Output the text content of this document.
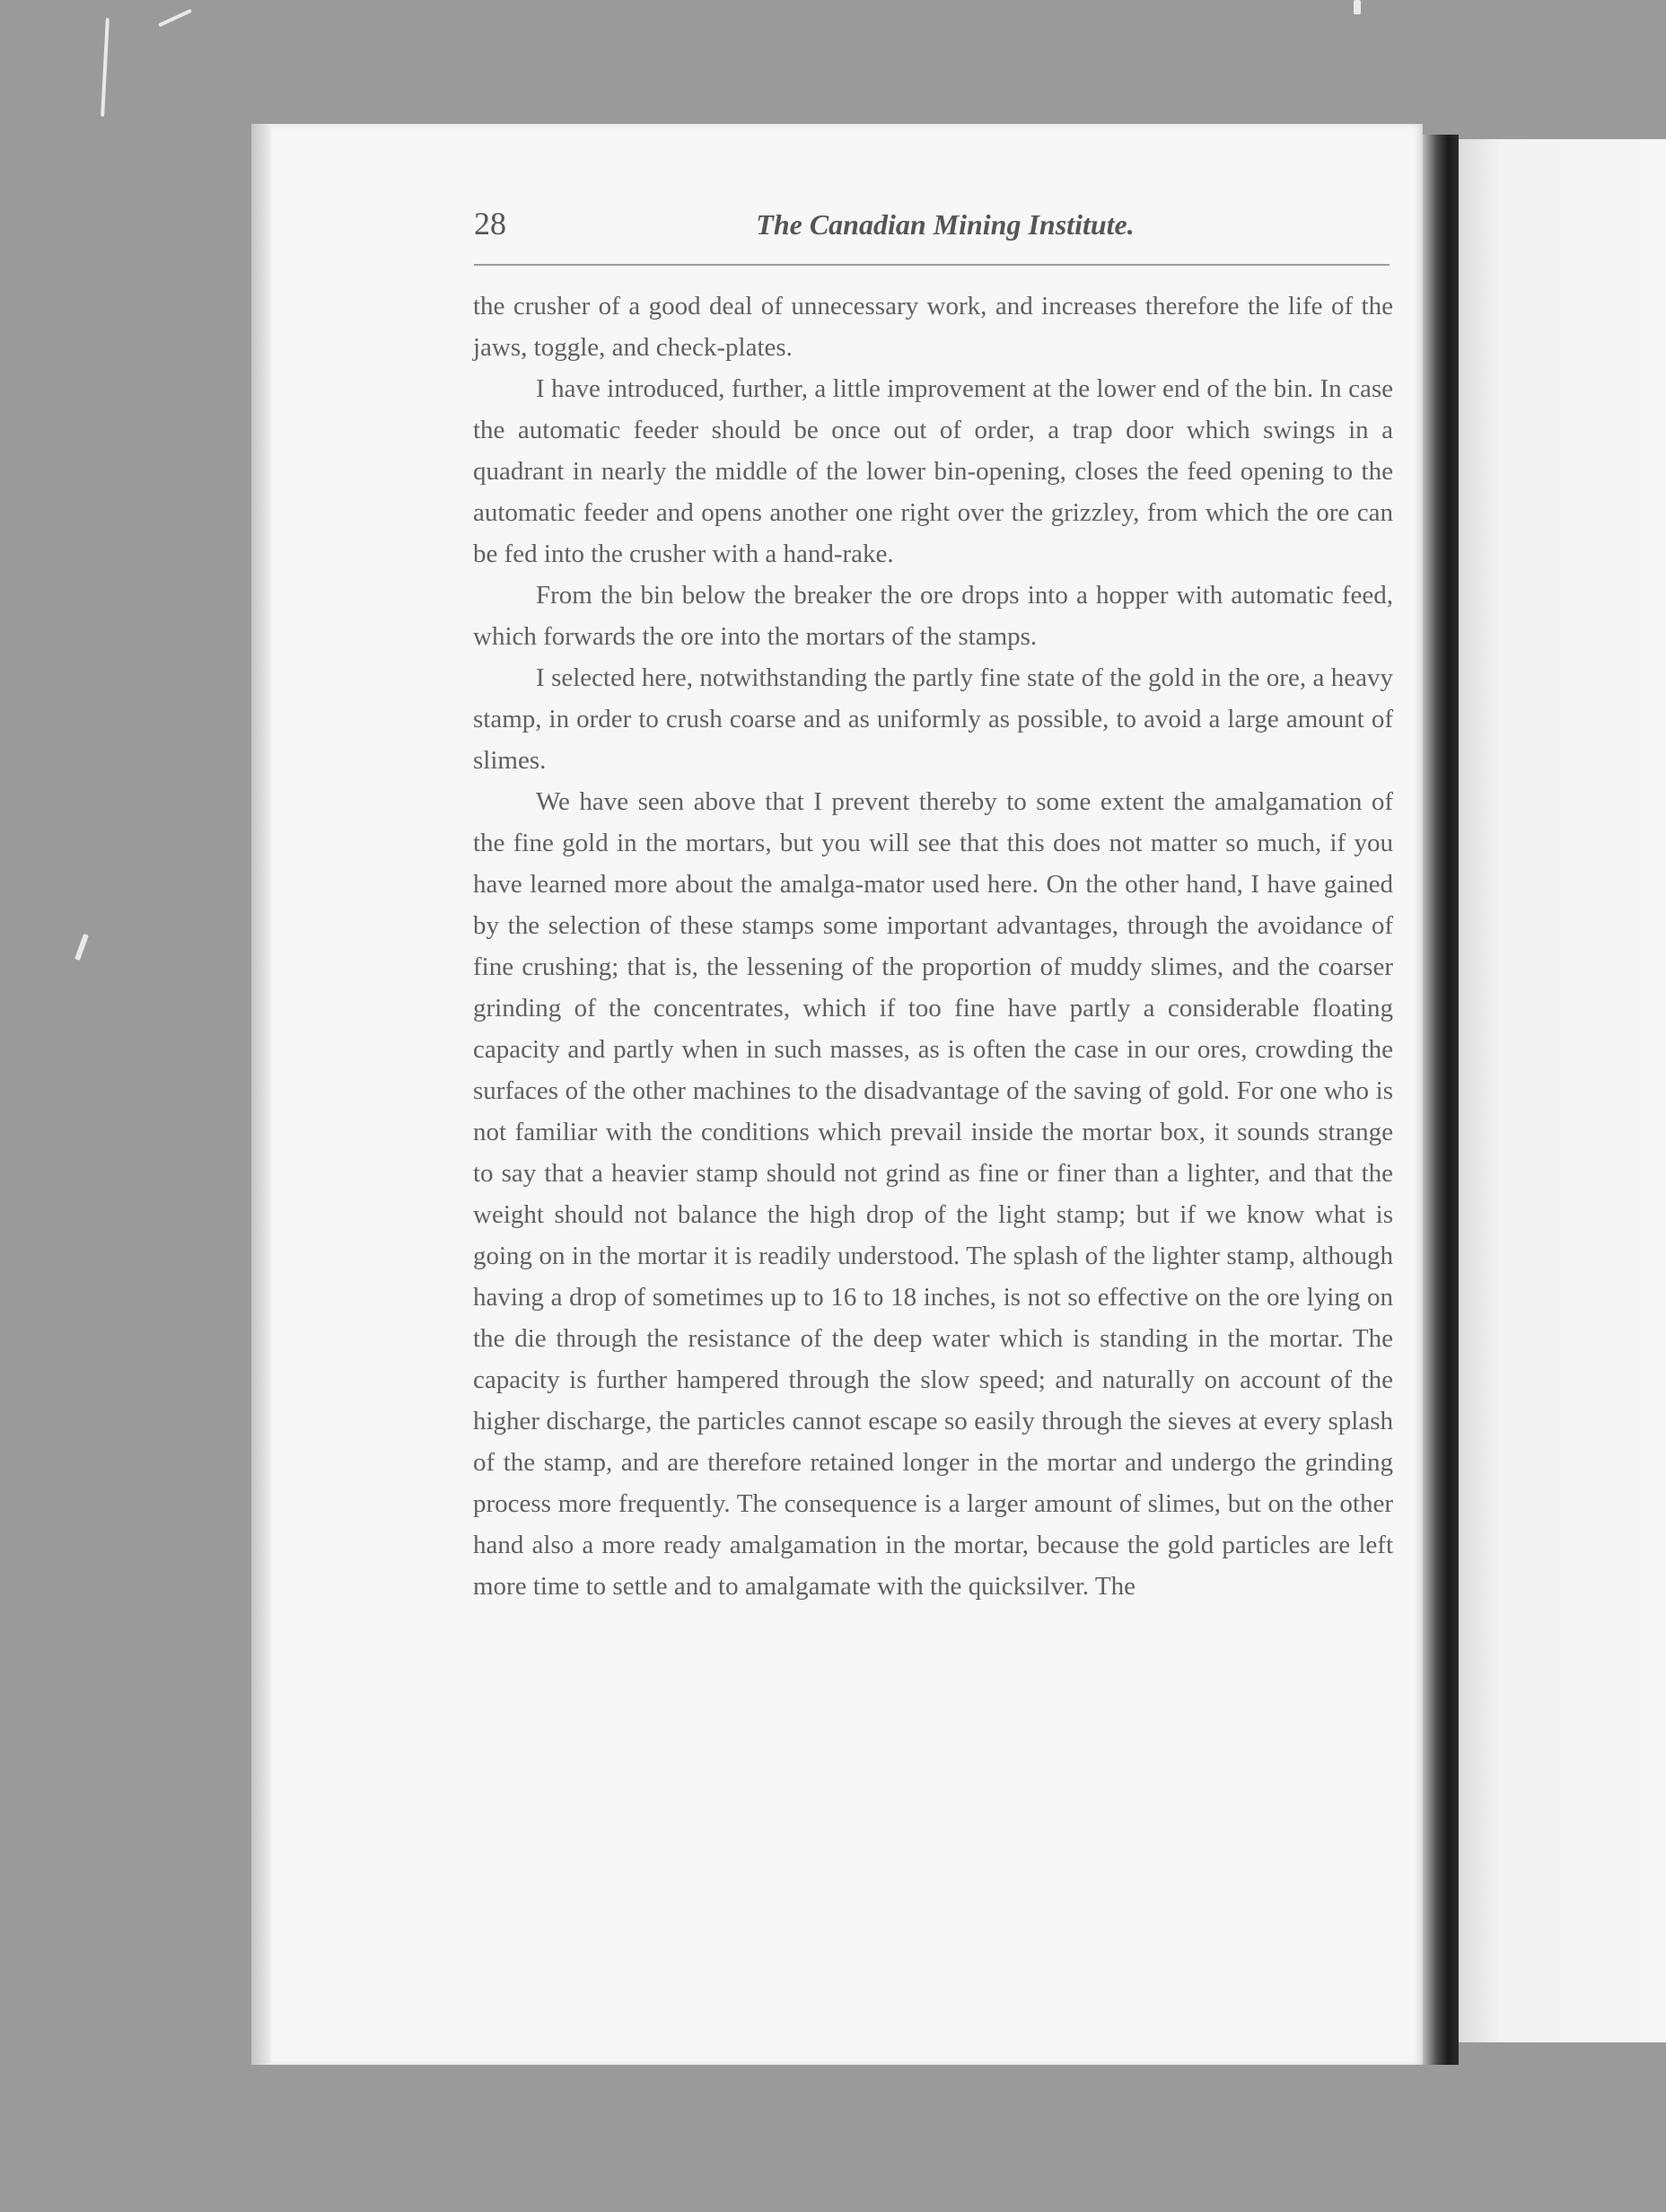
28	The Canadian Mining Institute.

the crusher of a good deal of unnecessary work, and increases therefore the life of the jaws, toggle, and check-plates.

I have introduced, further, a little improvement at the lower end of the bin. In case the automatic feeder should be once out of order, a trap door which swings in a quadrant in nearly the middle of the lower bin-opening, closes the feed opening to the automatic feeder and opens another one right over the grizzley, from which the ore can be fed into the crusher with a hand-rake.

From the bin below the breaker the ore drops into a hopper with automatic feed, which forwards the ore into the mortars of the stamps.

I selected here, notwithstanding the partly fine state of the gold in the ore, a heavy stamp, in order to crush coarse and as uniformly as possible, to avoid a large amount of slimes.

We have seen above that I prevent thereby to some extent the amalgamation of the fine gold in the mortars, but you will see that this does not matter so much, if you have learned more about the amalga-mator used here. On the other hand, I have gained by the selection of these stamps some important advantages, through the avoidance of fine crushing; that is, the lessening of the proportion of muddy slimes, and the coarser grinding of the concentrates, which if too fine have partly a considerable floating capacity and partly when in such masses, as is often the case in our ores, crowding the surfaces of the other machines to the disadvantage of the saving of gold. For one who is not familiar with the conditions which prevail inside the mortar box, it sounds strange to say that a heavier stamp should not grind as fine or finer than a lighter, and that the weight should not balance the high drop of the light stamp; but if we know what is going on in the mortar it is readily understood. The splash of the lighter stamp, although having a drop of sometimes up to 16 to 18 inches, is not so effective on the ore lying on the die through the resistance of the deep water which is standing in the mortar. The capacity is further hampered through the slow speed; and naturally on account of the higher discharge, the particles cannot escape so easily through the sieves at every splash of the stamp, and are therefore retained longer in the mortar and undergo the grinding process more frequently. The consequence is a larger amount of slimes, but on the other hand also a more ready amalgamation in the mortar, because the gold particles are left more time to settle and to amalgamate with the quicksilver. The
